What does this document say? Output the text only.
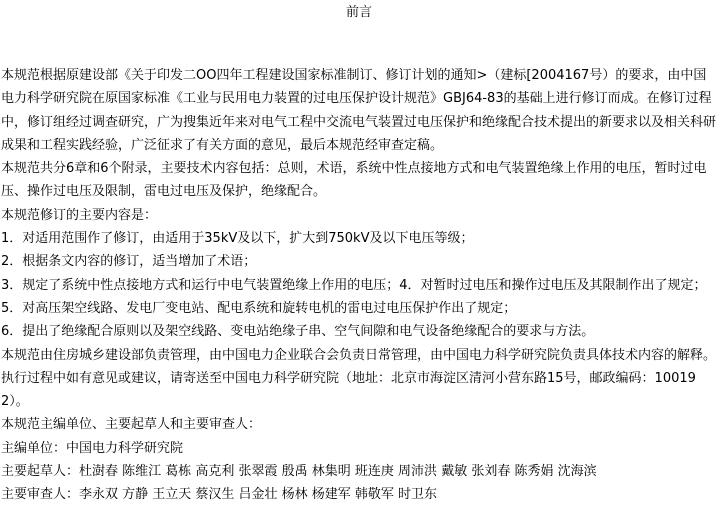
前言

本规范根据原建设部《关于印发二OO四年工程建设国家标准制订、修订计划的通知>（建标[2004167号）的要求，由中国电力科学研究院在原国家标准《工业与民用电力装置的过电压保护设计规范》GBJ64-83的基础上进行修订而成。在修订过程中，修订组经过调查研究，广为搜集近年来对电气工程中交流电气装置过电压保护和绝缘配合技术提出的新要求以及相关科研成果和工程实践经验，广泛征求了有关方面的意见，最后本规范经审查定稿。

本规范共分6章和6个附录，主要技术内容包括：总则，术语，系统中性点接地方式和电气装置绝缘上作用的电压，暂时过电压、操作过电压及限制，雷电过电压及保护，绝缘配合。

本规范修订的主要内容是：

1．对适用范围作了修订，由适用于35kV及以下，扩大到750kV及以下电压等级；

2．根据条文内容的修订，适当增加了术语；

3．规定了系统中性点接地方式和运行中电气装置绝缘上作用的电压；4．对暂时过电压和操作过电压及其限制作出了规定；

5．对高压架空线路、发电厂变电站、配电系统和旋转电机的雷电过电压保护作出了规定；

6．提出了绝缘配合原则以及架空线路、变电站绝缘子串、空气间隙和电气设备绝缘配合的要求与方法。

本规范由住房城乡建设部负责管理，由中国电力企业联合会负责日常管理，由中国电力科学研究院负责具体技术内容的解释。执行过程中如有意见或建议，请寄送至中国电力科学研究院（地址：北京市海淀区清河小营东路15号，邮政编码：100192）。

本规范主编单位、主要起草人和主要审查人：

主编单位：中国电力科学研究院

主要起草人：杜澍春 陈维江 葛栋 高克利 张翠霞 殷禹 林集明 班连庚 周沛洪 戴敏 张刘春 陈秀娟 沈海滨

主要审查人：李永双 方静 王立天 蔡汉生 吕金壮 杨林 杨建军 韩敬军 时卫东
